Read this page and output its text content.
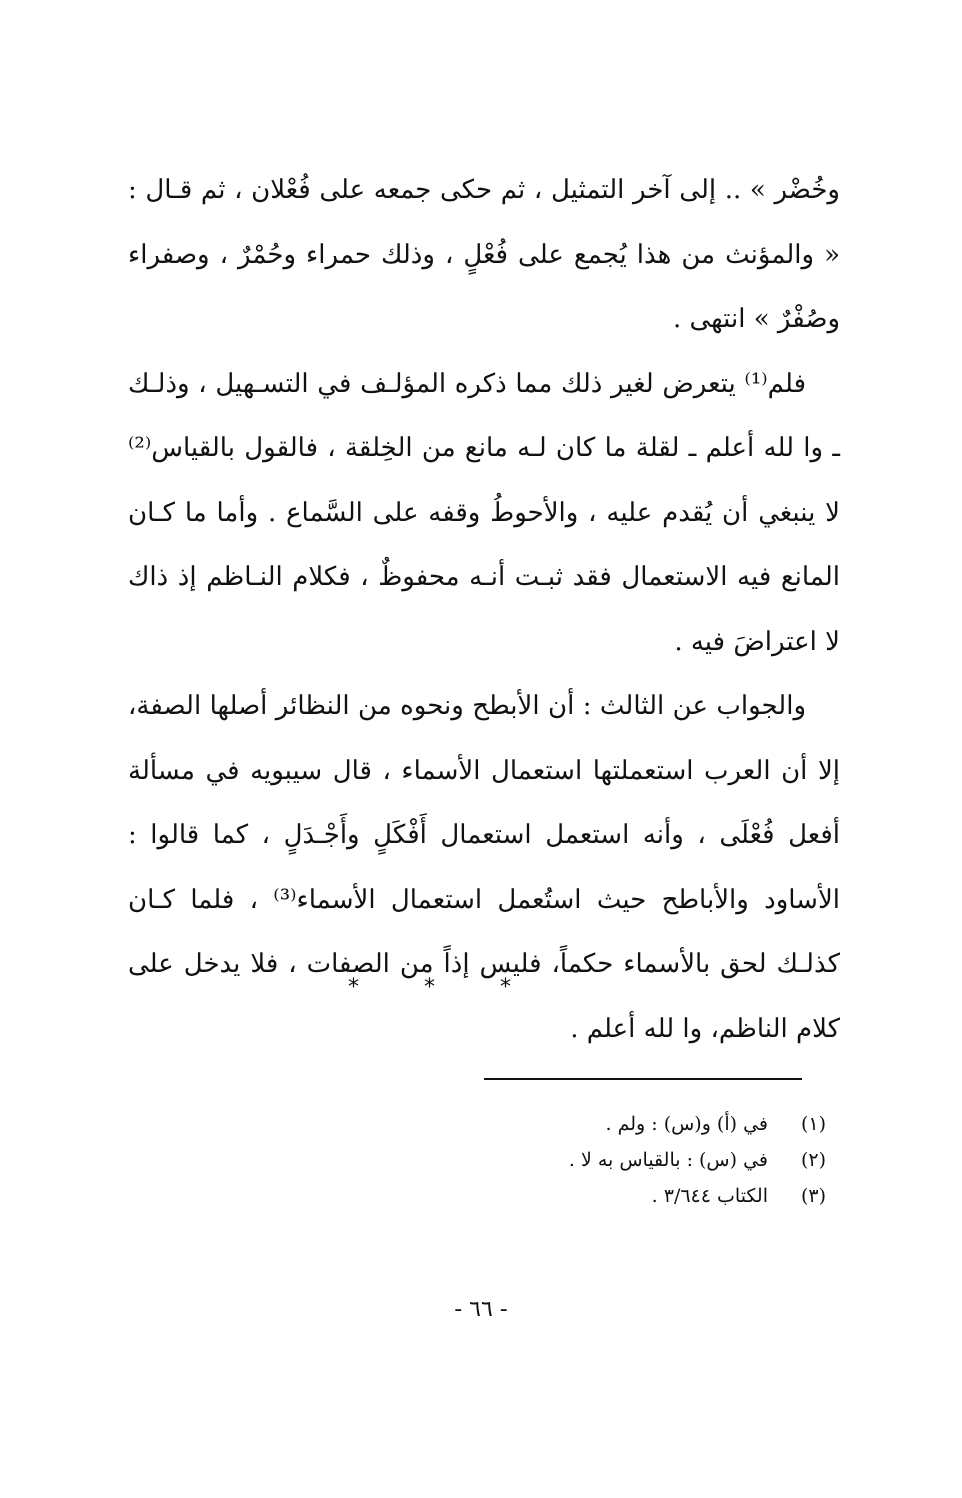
وخُضْر » .. إلى آخر التمثيل ، ثم حكى جمعه على فُعْلان ، ثم قـال : « والمؤنث من هذا يُجمع على فُعْلٍ ، وذلك حمراء وحُمْرٌ ، وصفراء وصُفْرٌ » انتهى .

فلم⁽¹⁾ يتعرض لغير ذلك مما ذكره المؤلـف في التسـهيل ، وذلـك ـ وا لله أعلم ـ لقلة ما كان لـه مانع من الخِلقة ، فالقول بالقياس⁽²⁾ لا ينبغي أن يُقدم عليه ، والأحوطُ وقفه على السَّماع . وأما ما كـان المانع فيه الاستعمال فقد ثبـت أنـه محفوظٌ ، فكلام النـاظم إذ ذاك لا اعتراضَ فيه .

والجواب عن الثالث : أن الأبطح ونحوه من النظائر أصلها الصفة، إلا أن العرب استعملتها استعمال الأسماء ، قال سيبويه في مسألة أفعل فُعْلَى ، وأنه استعمل استعمال أَفْكَلٍ وأَجْـدَلٍ ، كما قالوا : الأساود والأباطح حيث استُعمل استعمال الأسماء⁽³⁾ ، فلما كـان كذلـك لحق بالأسماء حكماً، فليس إذاً من الصفات ، فلا يدخل على كلام الناظم، وا لله أعلم .

*	*	*
(١)
في (أ) و(س) : ولم .
(٢)
في (س) : بالقياس به لا .
(٣)
الكتاب ٣/٦٤٤ .
- ٦٦ -
